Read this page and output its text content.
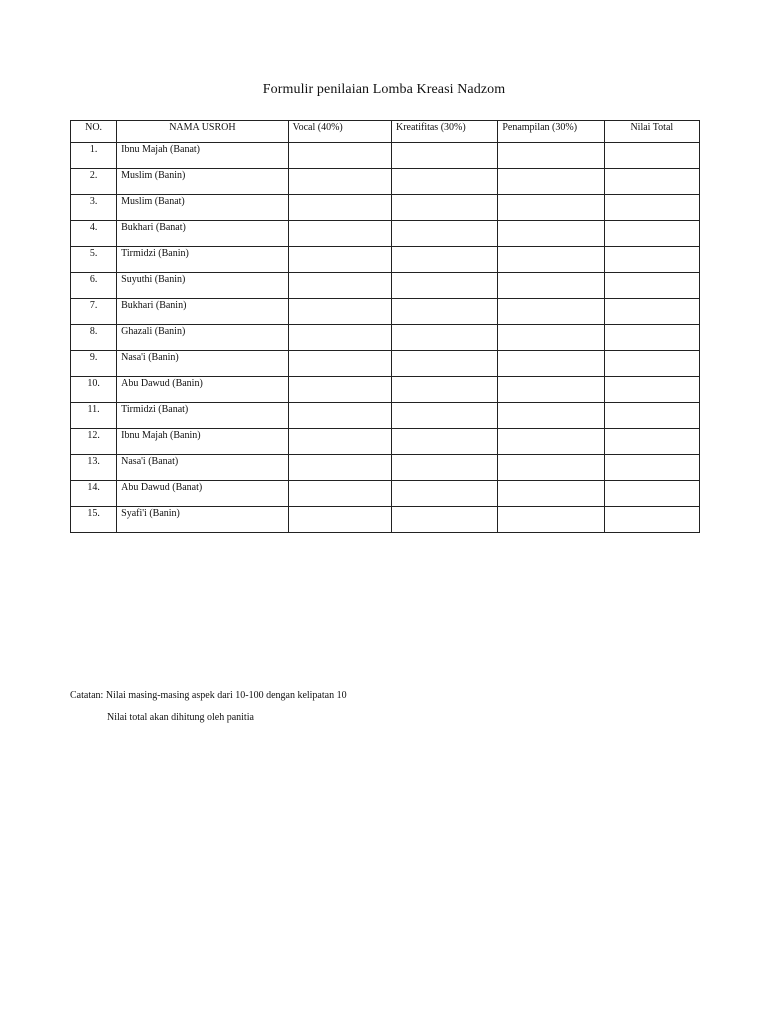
Formulir penilaian Lomba Kreasi Nadzom
NO.	NAMA USROH	Vocal (40%)	Kreatifitas (30%)	Penampilan (30%)	Nilai Total
1.	Ibnu Majah (Banat)				
2.	Muslim (Banin)				
3.	Muslim (Banat)				
4.	Bukhari (Banat)				
5.	Tirmidzi (Banin)				
6.	Suyuthi (Banin)				
7.	Bukhari (Banin)				
8.	Ghazali (Banin)				
9.	Nasa'i (Banin)				
10.	Abu Dawud (Banin)				
11.	Tirmidzi (Banat)				
12.	Ibnu Majah (Banin)				
13.	Nasa'i (Banat)				
14.	Abu Dawud (Banat)				
15.	Syafi'i (Banin)				
Catatan: Nilai masing-masing aspek dari 10-100 dengan kelipatan 10
Nilai total akan dihitung oleh panitia
